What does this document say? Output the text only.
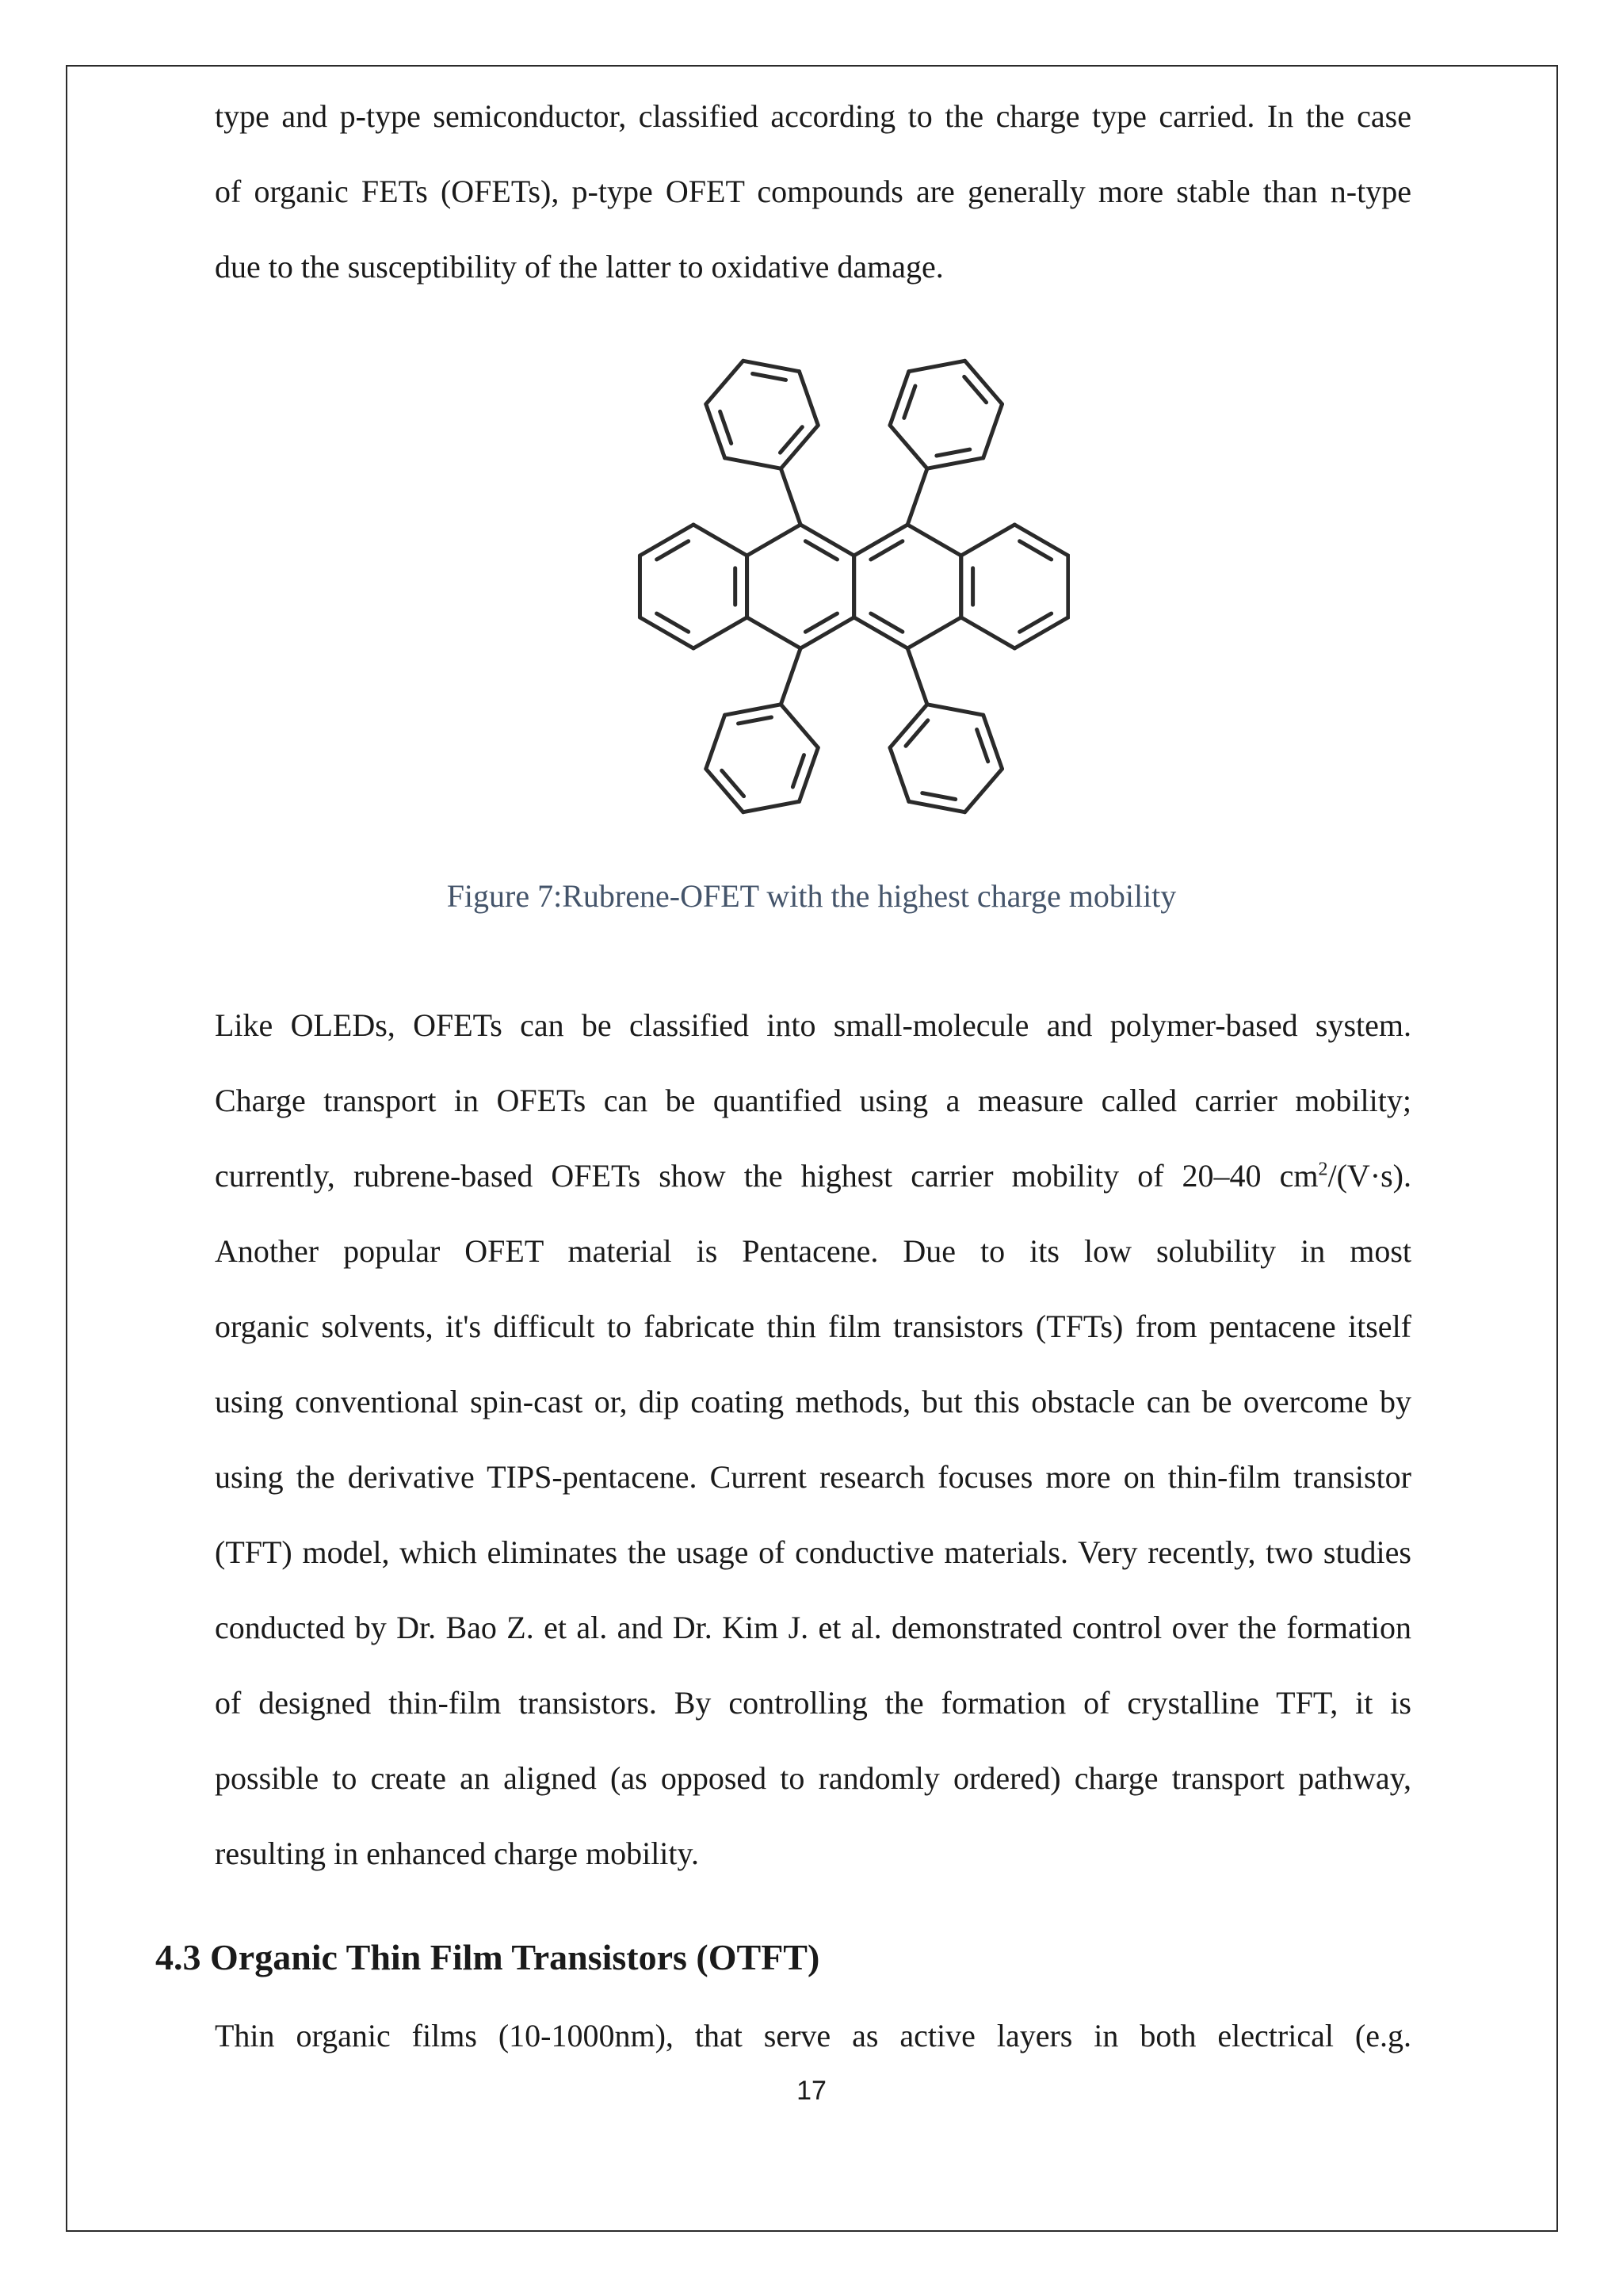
type and p-type semiconductor, classified according to the charge type carried. In the case
of organic FETs (OFETs), p-type OFET compounds are generally more stable than n-type
due to the susceptibility of the latter to oxidative damage.
Figure 7:Rubrene-OFET with the highest charge mobility
Like OLEDs, OFETs can be classified into small-molecule and polymer-based system.
Charge transport in OFETs can be quantified using a measure called carrier mobility;
currently, rubrene-based OFETs show the highest carrier mobility of 20–40 $cm^2/(V\cdot s)$.
Another popular OFET material is Pentacene. Due to its low solubility in most
organic solvents, it's difficult to fabricate thin film transistors (TFTs) from pentacene itself
using conventional spin-cast or, dip coating methods, but this obstacle can be overcome by
using the derivative TIPS-pentacene. Current research focuses more on thin-film transistor
(TFT) model, which eliminates the usage of conductive materials. Very recently, two studies
conducted by Dr. Bao Z. et al. and Dr. Kim J. et al. demonstrated control over the formation
of designed thin-film transistors. By controlling the formation of crystalline TFT, it is
possible to create an aligned (as opposed to randomly ordered) charge transport pathway,
resulting in enhanced charge mobility.
4.3 Organic Thin Film Transistors (OTFT)
Thin organic films (10-1000nm), that serve as active layers in both electrical (e.g.
17
